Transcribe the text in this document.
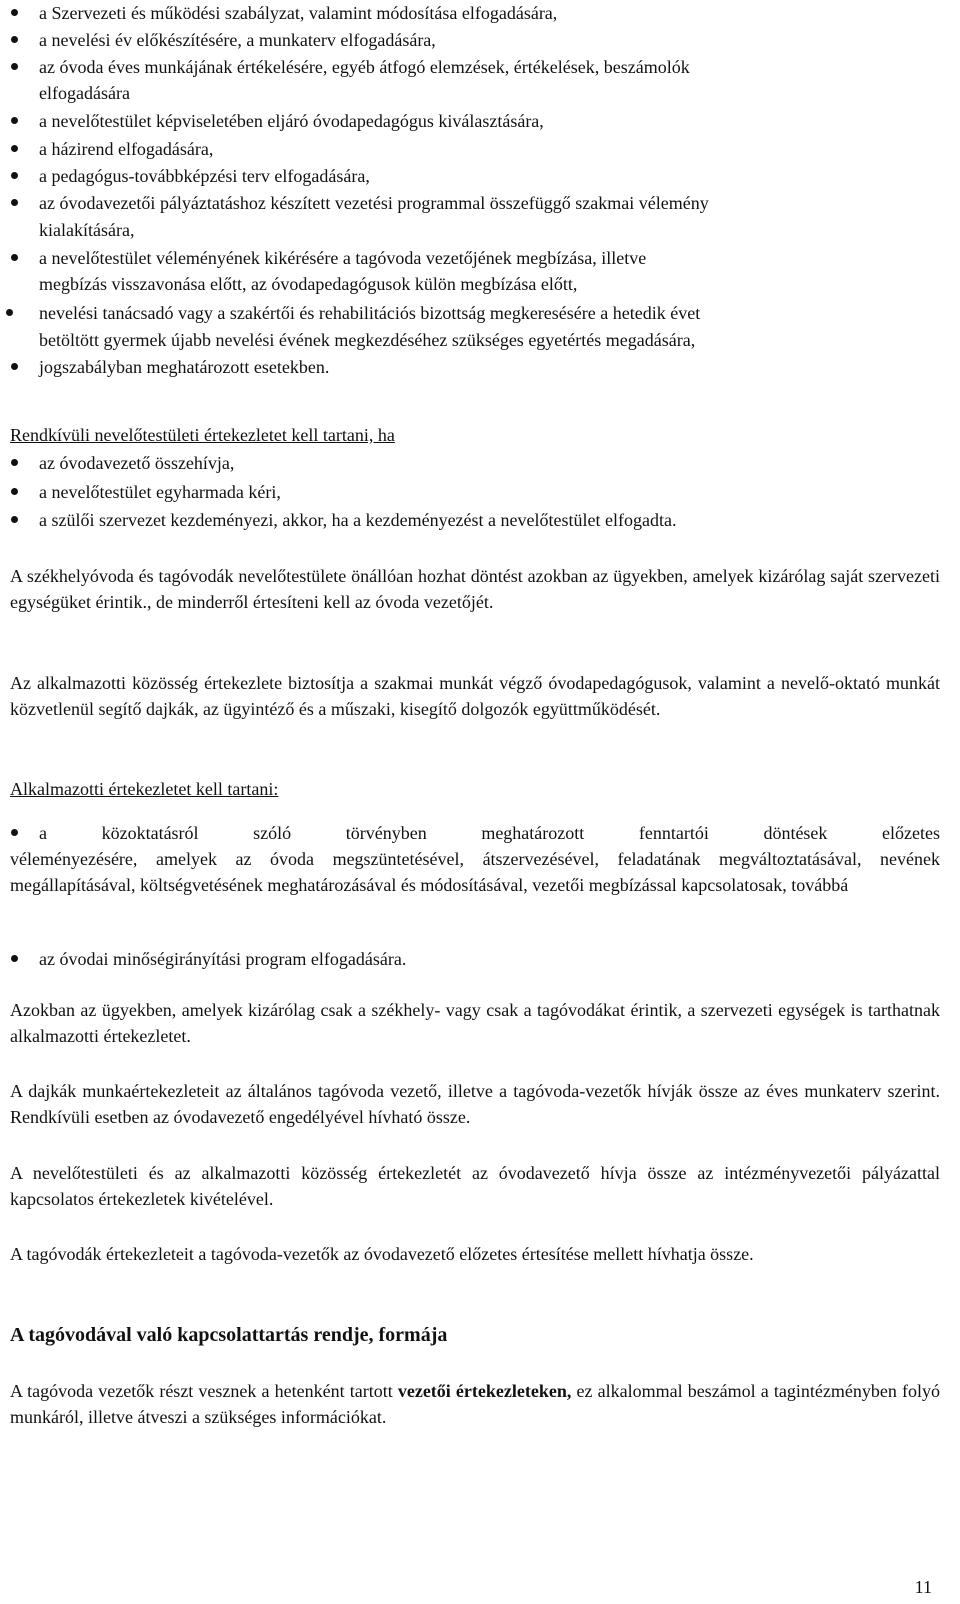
a Szervezeti és működési szabályzat, valamint módosítása elfogadására,
a nevelési év előkészítésére, a munkaterv elfogadására,
az óvoda éves munkájának értékelésére, egyéb átfogó elemzések, értékelések, beszámolók
elfogadására
a nevelőtestület képviseletében eljáró óvodapedagógus kiválasztására,
a házirend elfogadására,
a pedagógus-továbbképzési terv elfogadására,
az óvodavezetői pályáztatáshoz készített vezetési programmal összefüggő szakmai vélemény
kialakítására,
a nevelőtestület véleményének kikérésére a tagóvoda vezetőjének megbízása, illetve
megbízás visszavonása előtt, az óvodapedagógusok külön megbízása előtt,
nevelési tanácsadó vagy a szakértői és rehabilitációs bizottság megkeresésére a hetedik évet
betöltött gyermek újabb nevelési évének megkezdéséhez szükséges egyetértés megadására,
jogszabályban meghatározott esetekben.
Rendkívüli nevelőtestületi értekezletet kell tartani, ha
az óvodavezető összehívja,
a nevelőtestület egyharmada kéri,
a szülői szervezet kezdeményezi, akkor, ha a kezdeményezést a nevelőtestület elfogadta.
A székhelyóvoda és tagóvodák nevelőtestülete önállóan hozhat döntést azokban az ügyekben, amelyek kizárólag saját szervezeti egységüket érintik., de minderről értesíteni kell az óvoda vezetőjét.
Az alkalmazotti közösség értekezlete biztosítja a szakmai munkát végző óvodapedagógusok, valamint a nevelő-oktató munkát közvetlenül segítő dajkák, az ügyintéző és a műszaki, kisegítő dolgozók együttműködését.
Alkalmazotti értekezletet kell tartani:
a közoktatásról szóló törvényben meghatározott fenntartói döntések előzetes
véleményezésére, amelyek az óvoda megszüntetésével, átszervezésével, feladatának megváltoztatásával, nevének megállapításával, költségvetésének meghatározásával és módosításával, vezetői megbízással kapcsolatosak, továbbá
az óvodai minőségirányítási program elfogadására.
Azokban az ügyekben, amelyek kizárólag csak a székhely- vagy csak a tagóvodákat érintik, a szervezeti egységek is tarthatnak alkalmazotti értekezletet.
A dajkák munkaértekezleteit az általános tagóvoda vezető, illetve a tagóvoda-vezetők hívják össze az éves munkaterv szerint. Rendkívüli esetben az óvodavezető engedélyével hívható össze.
A nevelőtestületi és az alkalmazotti közösség értekezletét az óvodavezető hívja össze az intézményvezetői pályázattal kapcsolatos értekezletek kivételével.
A tagóvodák értekezleteit a tagóvoda-vezetők az óvodavezető előzetes értesítése mellett hívhatja össze.
A tagóvodával való kapcsolattartás rendje, formája
A tagóvoda vezetők részt vesznek a hetenként tartott vezetői értekezleteken, ez alkalommal beszámol a tagintézményben folyó munkáról, illetve átveszi a szükséges információkat.
11
